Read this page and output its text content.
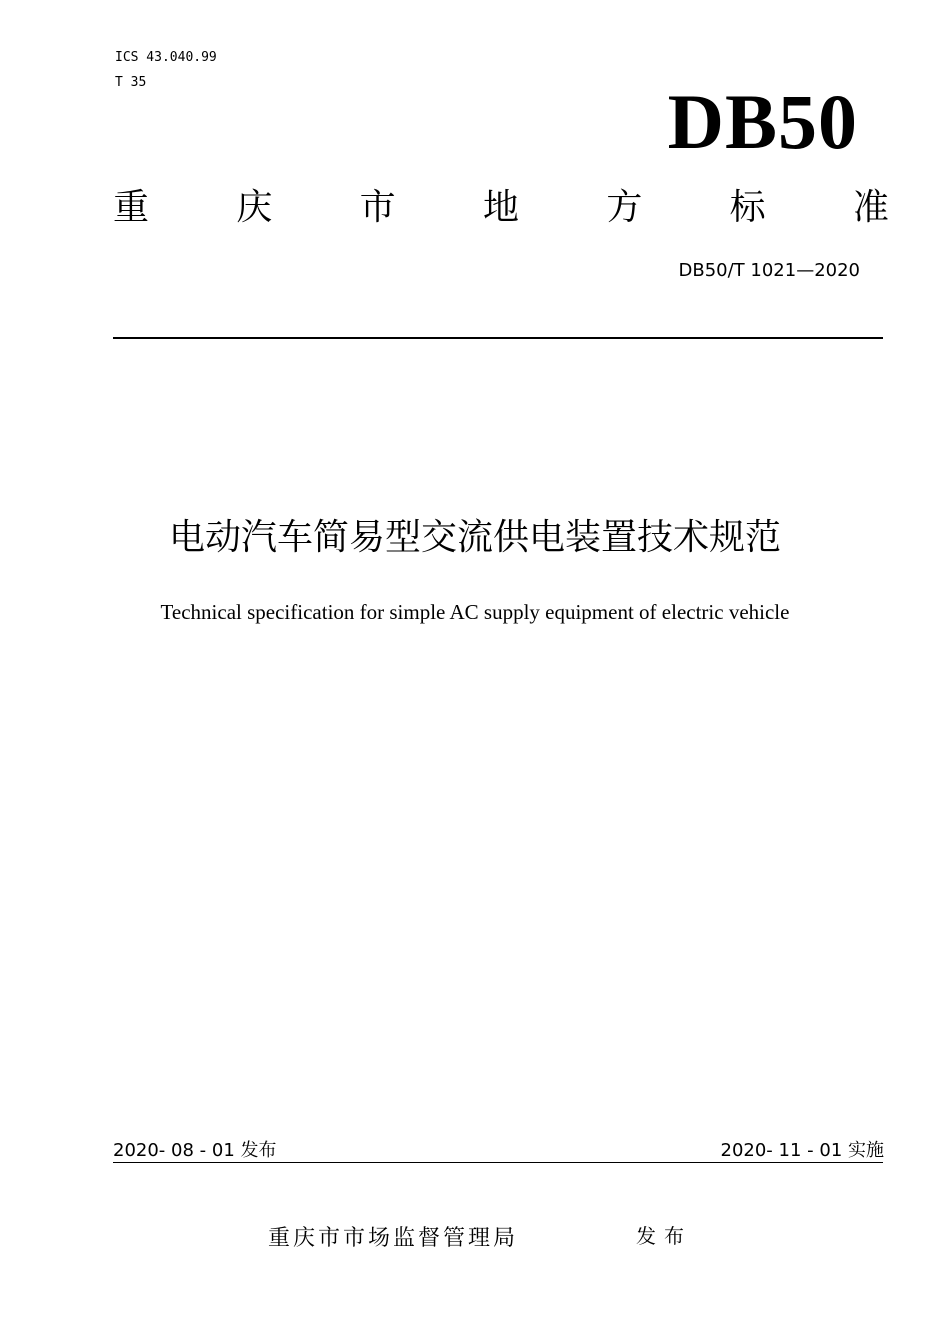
ICS 43.040.99
T 35	DB50
重 庆 市 地 方 标 准
DB50/T 1021—2020
电动汽车简易型交流供电装置技术规范
Technical specification for simple AC supply equipment of electric vehicle
2020- 08 - 01 发布	2020- 11 - 01 实施
重庆市市场监督管理局	发布
